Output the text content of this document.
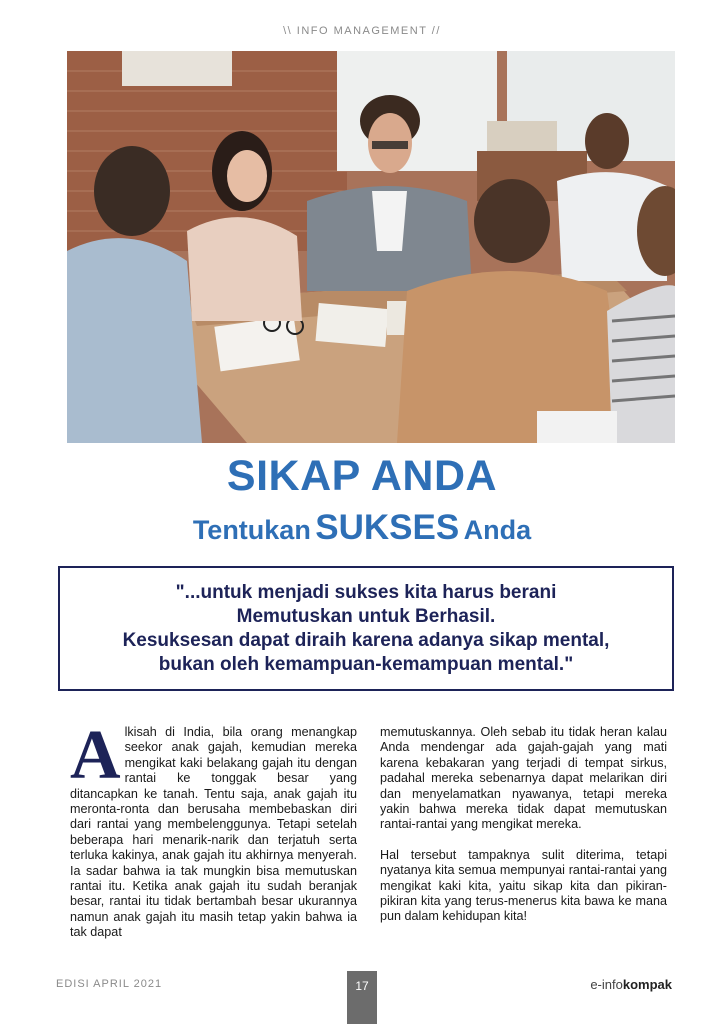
\\ INFO MANAGEMENT //
SIKAP ANDA
Tentukan SUKSES Anda
"...untuk menjadi sukses kita harus berani
Memutuskan untuk Berhasil.
Kesuksesan dapat diraih karena adanya sikap mental,
bukan oleh kemampuan-kemampuan mental."

Alkisah di India, bila orang menangkap seekor anak gajah, kemudian mereka mengikat kaki belakang gajah itu dengan rantai ke tonggak besar yang ditancapkan ke tanah. Tentu saja, anak gajah itu meronta-ronta dan berusaha membebaskan diri dari rantai yang membelenggunya. Tetapi setelah beberapa hari menarik-narik dan terjatuh serta terluka kakinya, anak gajah itu akhirnya menyerah. Ia sadar bahwa ia tak mungkin bisa memutuskan rantai itu. Ketika anak gajah itu sudah beranjak besar, rantai itu tidak bertambah besar ukurannya namun anak gajah itu masih tetap yakin bahwa ia tak dapat

memutuskannya. Oleh sebab itu tidak heran kalau Anda mendengar ada gajah-gajah yang mati karena kebakaran yang terjadi di tempat sirkus, padahal mereka sebenarnya dapat melarikan diri dan menyelamatkan nyawanya, tetapi mereka yakin bahwa mereka tidak dapat memutuskan rantai-rantai yang mengikat mereka.

Hal tersebut tampaknya sulit diterima, tetapi nyatanya kita semua mempunyai rantai-rantai yang mengikat kaki kita, yaitu sikap kita dan pikiran-pikiran kita yang terus-menerus kita bawa ke mana pun dalam kehidupan kita!

EDISI APRIL 2021	17	e-infokompak
